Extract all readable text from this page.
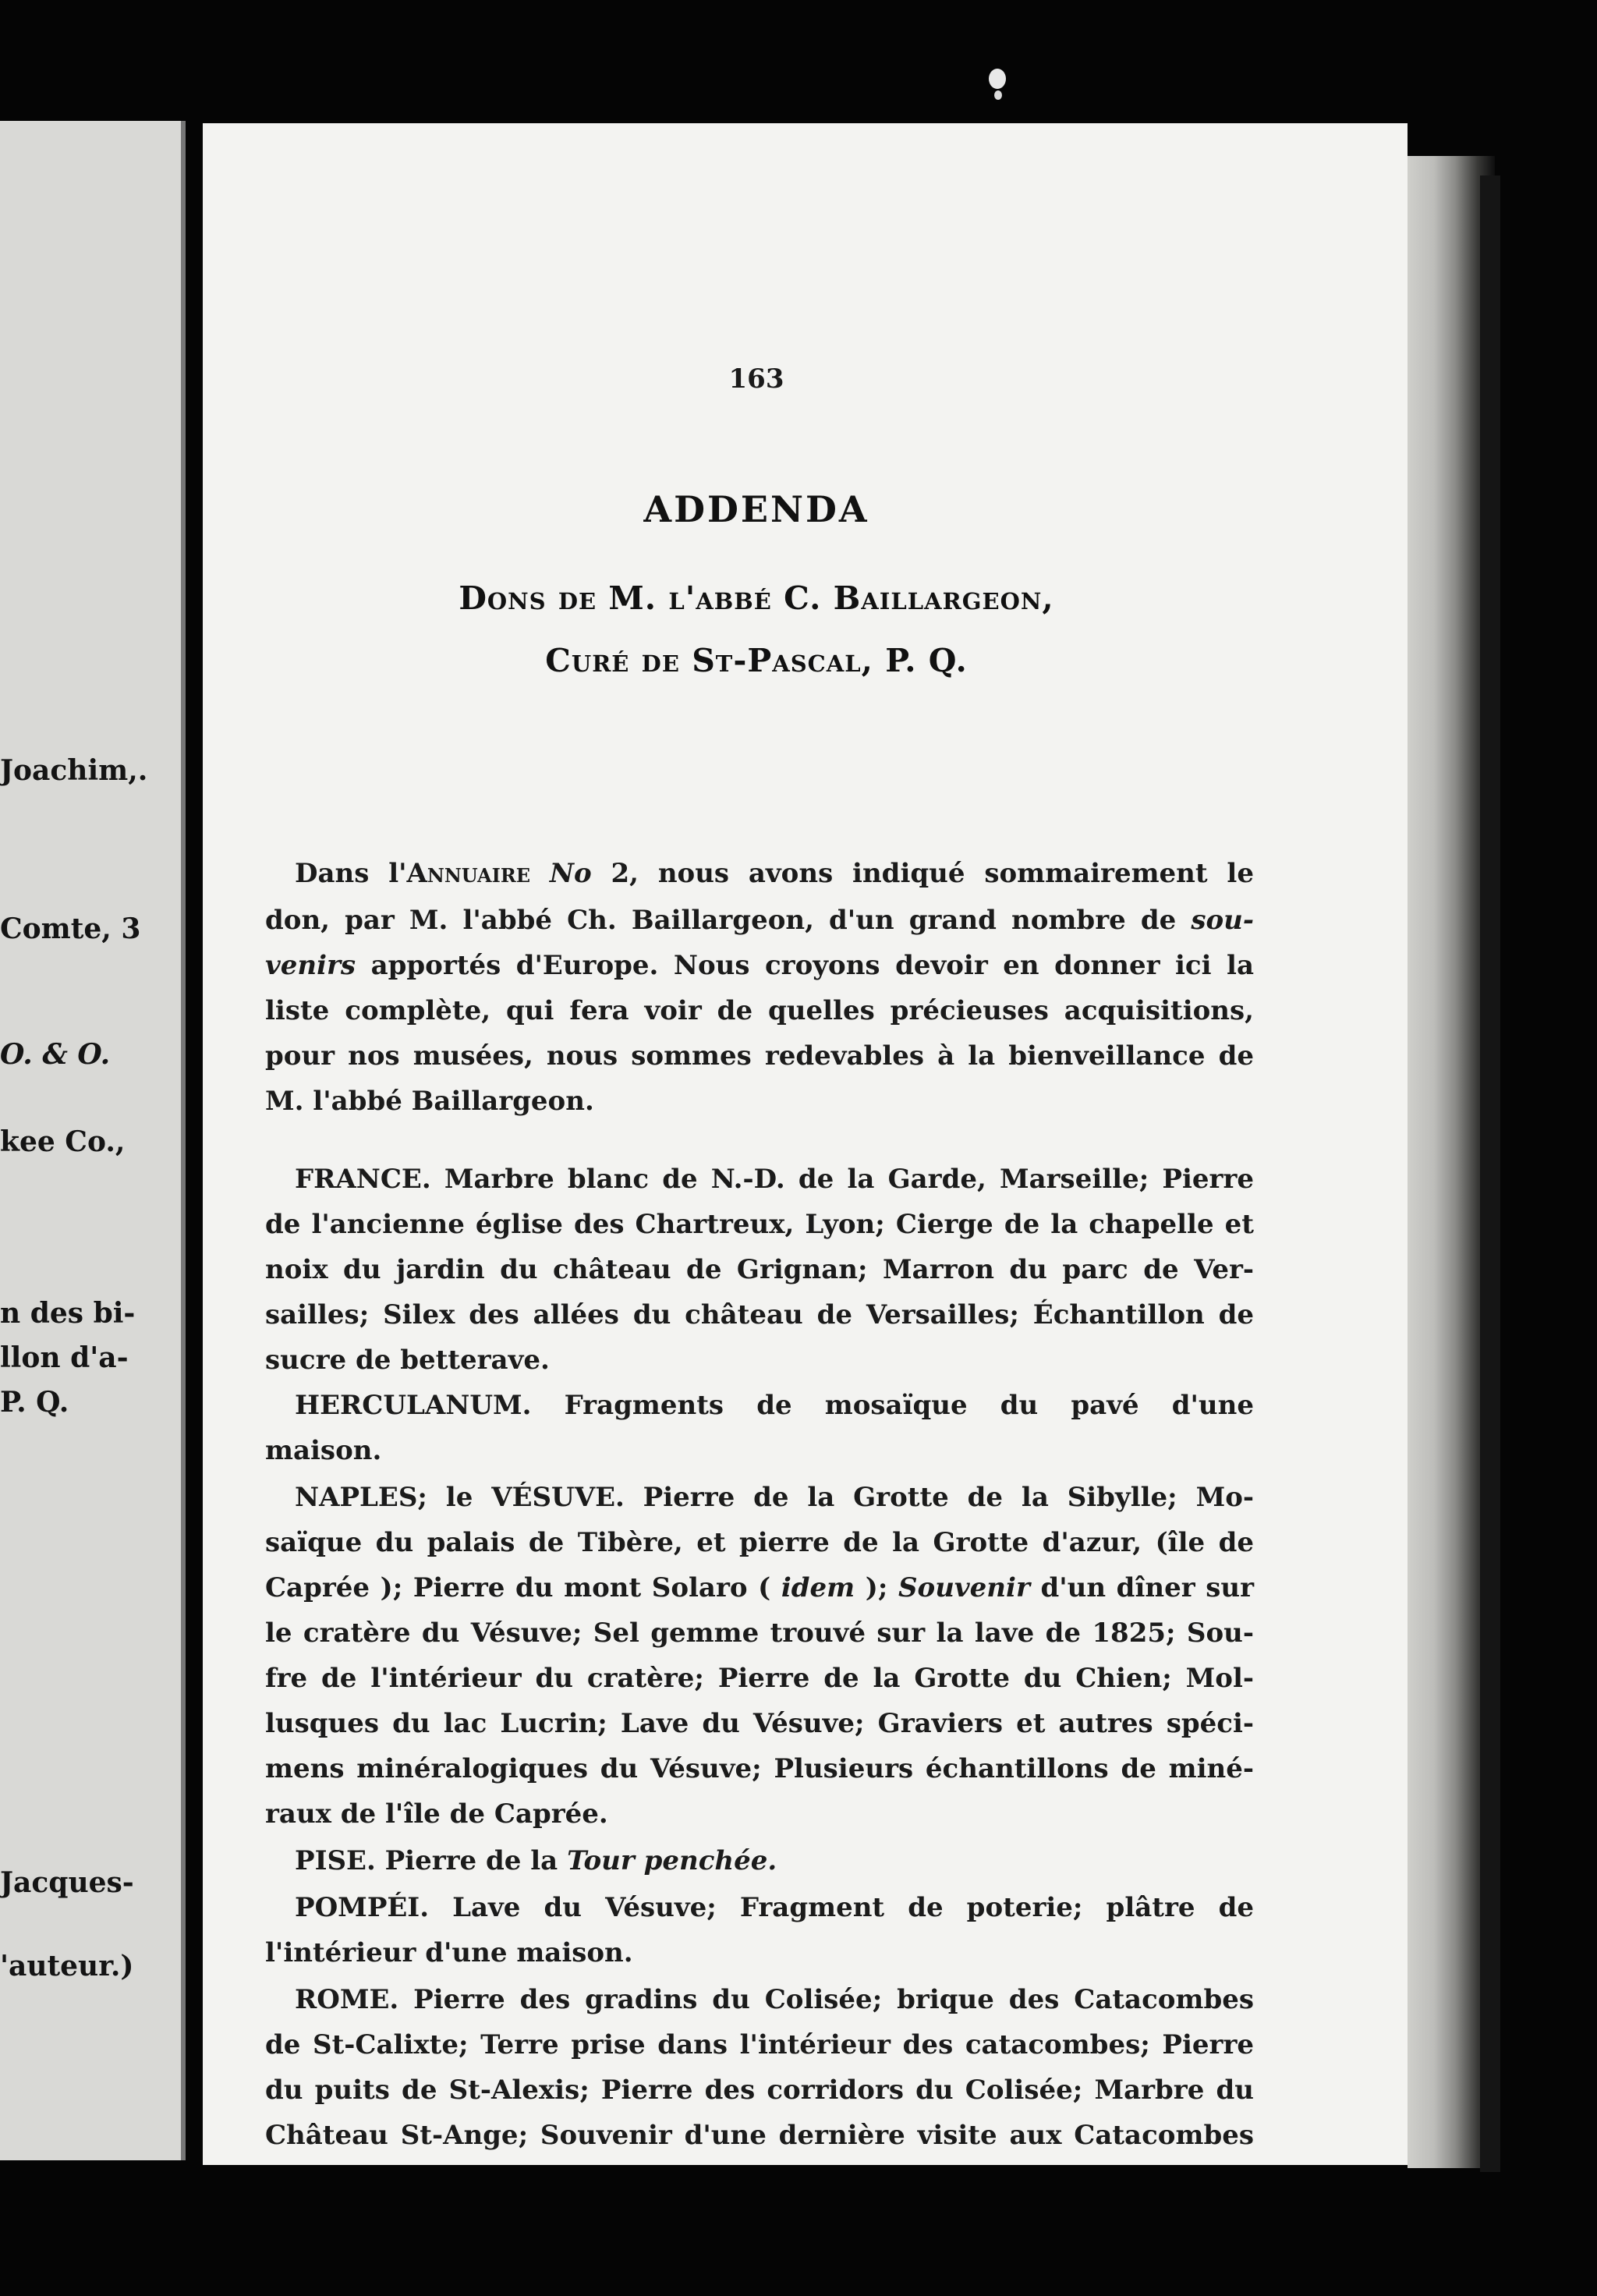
Joachim,.
Comte, 3
O. & O.
kee Co.,
n des bi-
llon d'a-
P. Q.
Jacques-
'auteur.)
163
ADDENDA
Dons de M. l'abbé C. Baillargeon,
Curé de St-Pascal, P. Q.
Dans l'Annuaire No 2, nous avons indiqué sommairement le
don, par M. l'abbé Ch. Baillargeon, d'un grand nombre de sou-
venirs apportés d'Europe. Nous croyons devoir en donner ici la
liste complète, qui fera voir de quelles précieuses acquisitions,
pour nos musées, nous sommes redevables à la bienveillance de
M. l'abbé Baillargeon.
FRANCE. Marbre blanc de N.-D. de la Garde, Marseille; Pierre
de l'ancienne église des Chartreux, Lyon; Cierge de la chapelle et
noix du jardin du château de Grignan; Marron du parc de Ver-
sailles; Silex des allées du château de Versailles; Échantillon de
sucre de betterave.
HERCULANUM. Fragments de mosaïque du pavé d'une
maison.
NAPLES; le VÉSUVE. Pierre de la Grotte de la Sibylle; Mo-
saïque du palais de Tibère, et pierre de la Grotte d'azur, (île de
Caprée ); Pierre du mont Solaro ( idem ); Souvenir d'un dîner sur
le cratère du Vésuve; Sel gemme trouvé sur la lave de 1825; Sou-
fre de l'intérieur du cratère; Pierre de la Grotte du Chien; Mol-
lusques du lac Lucrin; Lave du Vésuve; Graviers et autres spéci-
mens minéralogiques du Vésuve; Plusieurs échantillons de miné-
raux de l'île de Caprée.
PISE. Pierre de la Tour penchée.
POMPÉI. Lave du Vésuve; Fragment de poterie; plâtre de
l'intérieur d'une maison.
ROME. Pierre des gradins du Colisée; brique des Catacombes
de St-Calixte; Terre prise dans l'intérieur des catacombes; Pierre
du puits de St-Alexis; Pierre des corridors du Colisée; Marbre du
Château St-Ange; Souvenir d'une dernière visite aux Catacombes
